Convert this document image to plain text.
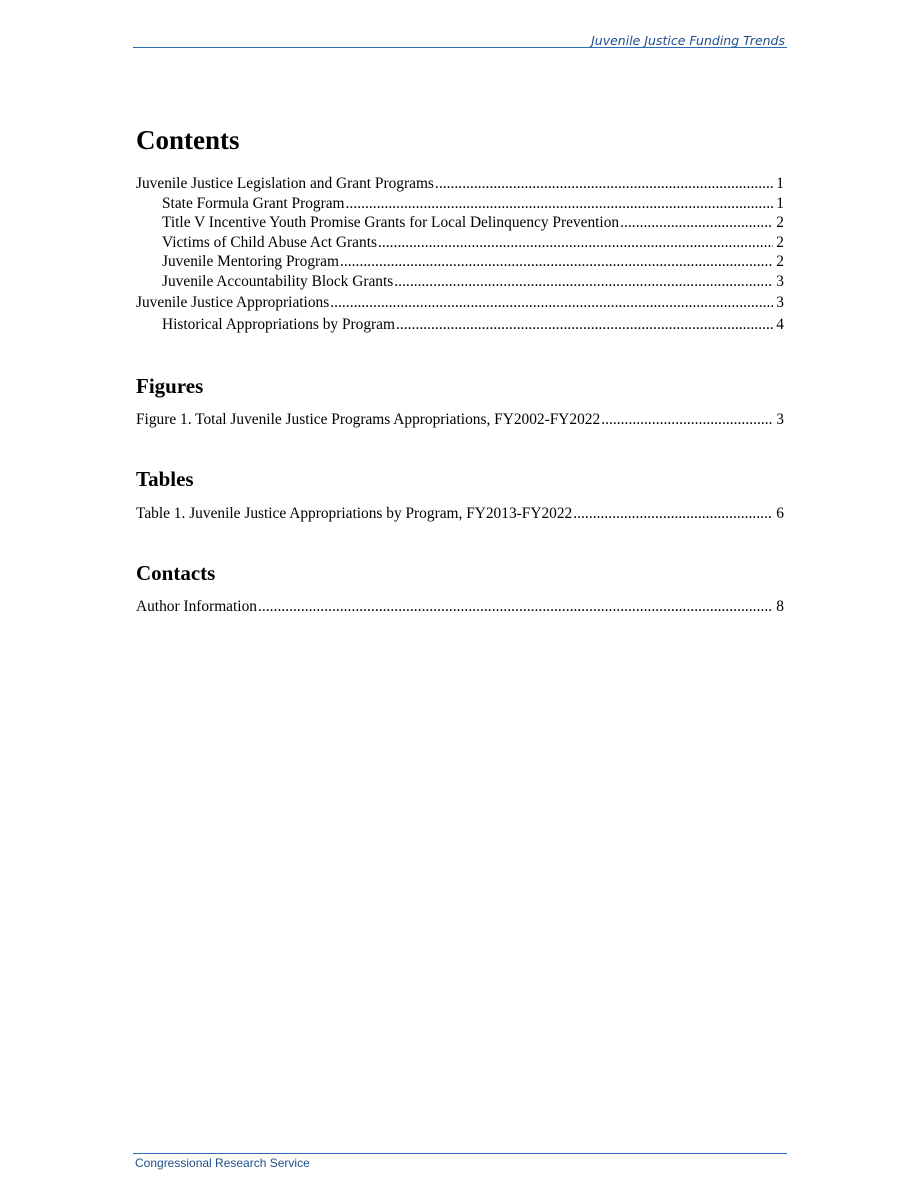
Juvenile Justice Funding Trends
Contents
Juvenile Justice Legislation and Grant Programs . . .	1
State Formula Grant Program . . .	1
Title V Incentive Youth Promise Grants for Local Delinquency Prevention . . .	2
Victims of Child Abuse Act Grants . . .	2
Juvenile Mentoring Program . . .	2
Juvenile Accountability Block Grants . . .	3
Juvenile Justice Appropriations . . .	3
Historical Appropriations by Program . . .	4
Figures
Figure 1. Total Juvenile Justice Programs Appropriations, FY2002-FY2022 . . .	3
Tables
Table 1. Juvenile Justice Appropriations by Program, FY2013-FY2022 . . .	6
Contacts
Author Information . . .	8
Congressional Research Service
